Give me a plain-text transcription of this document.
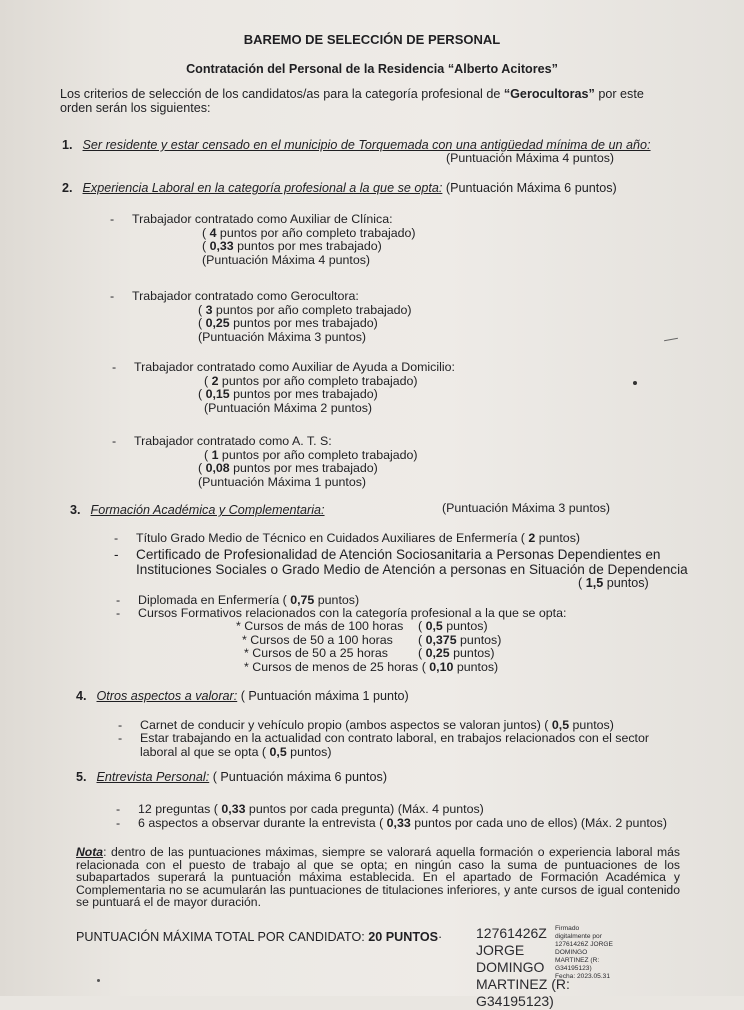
BAREMO DE SELECCIÓN DE PERSONAL
Contratación del Personal de la Residencia “Alberto Acitores”
Los criterios de selección de los candidatos/as para la categoría profesional de “Gerocultoras” por este orden serán los siguientes:
1. Ser residente y estar censado en el municipio de Torquemada con una antigüedad mínima de un año:
(Puntuación Máxima 4 puntos)
2. Experiencia Laboral en la categoría profesional a la que se opta: (Puntuación Máxima 6 puntos)
- Trabajador contratado como Auxiliar de Clínica:
( 4 puntos por año completo trabajado)
( 0,33 puntos por mes trabajado)
(Puntuación Máxima 4 puntos)
- Trabajador contratado como Gerocultora:
( 3 puntos por año completo trabajado)
( 0,25 puntos por mes trabajado)
(Puntuación Máxima 3 puntos)
- Trabajador contratado como Auxiliar de Ayuda a Domicilio:
( 2 puntos por año completo trabajado)
( 0,15 puntos por mes trabajado)
(Puntuación Máxima 2 puntos)
- Trabajador contratado como A. T. S:
( 1 puntos por año completo trabajado)
( 0,08 puntos por mes trabajado)
(Puntuación Máxima 1 puntos)
3. Formación Académica y Complementaria:	(Puntuación Máxima 3 puntos)
- Título Grado Medio de Técnico en Cuidados Auxiliares de Enfermería ( 2 puntos)
- Certificado de Profesionalidad de Atención Sociosanitaria a Personas Dependientes en
Instituciones Sociales o Grado Medio de Atención a personas en Situación de Dependencia
( 1,5 puntos)
- Diplomada en Enfermería ( 0,75 puntos)
- Cursos Formativos relacionados con la categoría profesional a la que se opta:
* Cursos de más de 100 horas ( 0,5 puntos)
* Cursos de 50 a 100 horas ( 0,375 puntos)
* Cursos de 50 a 25 horas ( 0,25 puntos)
* Cursos de menos de 25 horas ( 0,10 puntos)
4. Otros aspectos a valorar: ( Puntuación máxima 1 punto)
- Carnet de conducir y vehículo propio (ambos aspectos se valoran juntos) ( 0,5 puntos)
- Estar trabajando en la actualidad con contrato laboral, en trabajos relacionados con el sector
laboral al que se opta ( 0,5 puntos)
5. Entrevista Personal: ( Puntuación máxima 6 puntos)
- 12 preguntas ( 0,33 puntos por cada pregunta) (Máx. 4 puntos)
- 6 aspectos a observar durante la entrevista ( 0,33 puntos por cada uno de ellos) (Máx. 2 puntos)
Nota: dentro de las puntuaciones máximas, siempre se valorará aquella formación o experiencia laboral más relacionada con el puesto de trabajo al que se opta; en ningún caso la suma de puntuaciones de los subapartados superará la puntuación máxima establecida. En el apartado de Formación Académica y Complementaria no se acumularán las puntuaciones de titulaciones inferiores, y ante cursos de igual contenido se puntuará el de mayor duración.
PUNTUACIÓN MÁXIMA TOTAL POR CANDIDATO: 20 PUNTOS· 12761426Z
JORGE
DOMINGO
MARTINEZ (R:
G34195123)
Firmado
digitalmente por
12761426Z JORGE
DOMINGO
MARTINEZ (R:
G34195123)
Fecha: 2023.05.31
